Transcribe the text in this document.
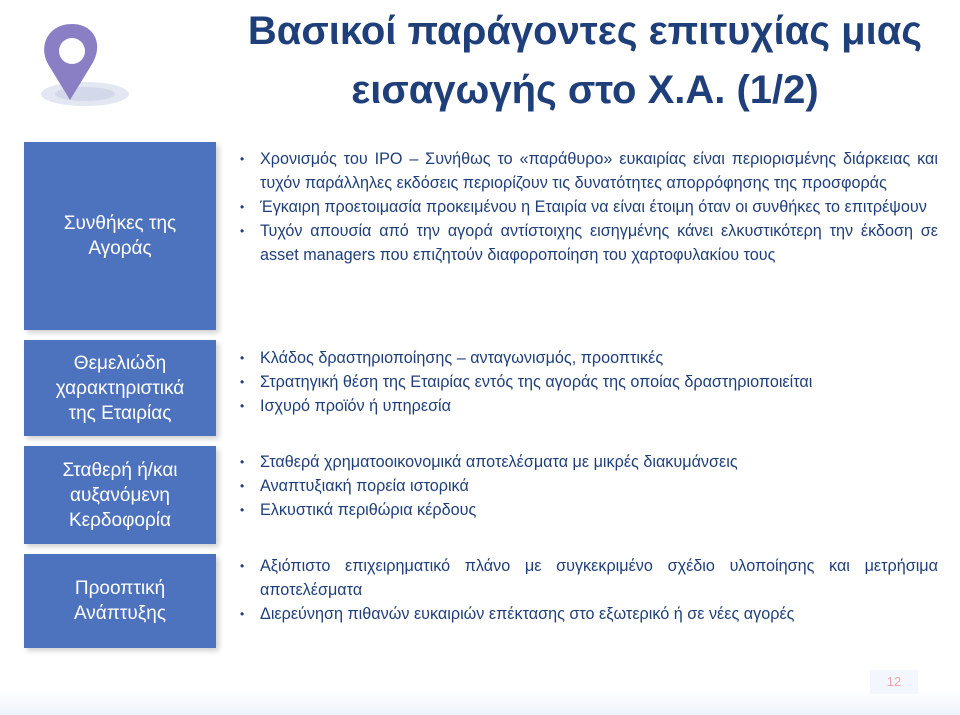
Βασικοί παράγοντες επιτυχίας μιας
εισαγωγής στο Χ.Α. (1/2)
Συνθήκες της
Αγοράς
Θεμελιώδη
χαρακτηριστικά
της Εταιρίας
Σταθερή ή/και
αυξανόμενη
Κερδοφορία
Προοπτική
Ανάπτυξης
• Χρονισμός του IPO – Συνήθως το «παράθυρο» ευκαιρίας είναι περιορισμένης διάρκειας και τυχόν παράλληλες εκδόσεις περιορίζουν τις δυνατότητες απορρόφησης της προσφοράς
• Έγκαιρη προετοιμασία προκειμένου η Εταιρία να είναι έτοιμη όταν οι συνθήκες το επιτρέψουν
• Τυχόν απουσία από την αγορά αντίστοιχης εισηγμένης κάνει ελκυστικότερη την έκδοση σε asset managers που επιζητούν διαφοροποίηση του χαρτοφυλακίου τους
• Κλάδος δραστηριοποίησης – ανταγωνισμός, προοπτικές
• Στρατηγική θέση της Εταιρίας εντός της αγοράς της οποίας δραστηριοποιείται
• Ισχυρό προϊόν ή υπηρεσία
• Σταθερά χρηματοοικονομικά αποτελέσματα με μικρές διακυμάνσεις
• Αναπτυξιακή πορεία ιστορικά
• Ελκυστικά περιθώρια κέρδους
• Αξιόπιστο επιχειρηματικό πλάνο με συγκεκριμένο σχέδιο υλοποίησης και μετρήσιμα αποτελέσματα
• Διερεύνηση πιθανών ευκαιριών επέκτασης στο εξωτερικό ή σε νέες αγορές
12
